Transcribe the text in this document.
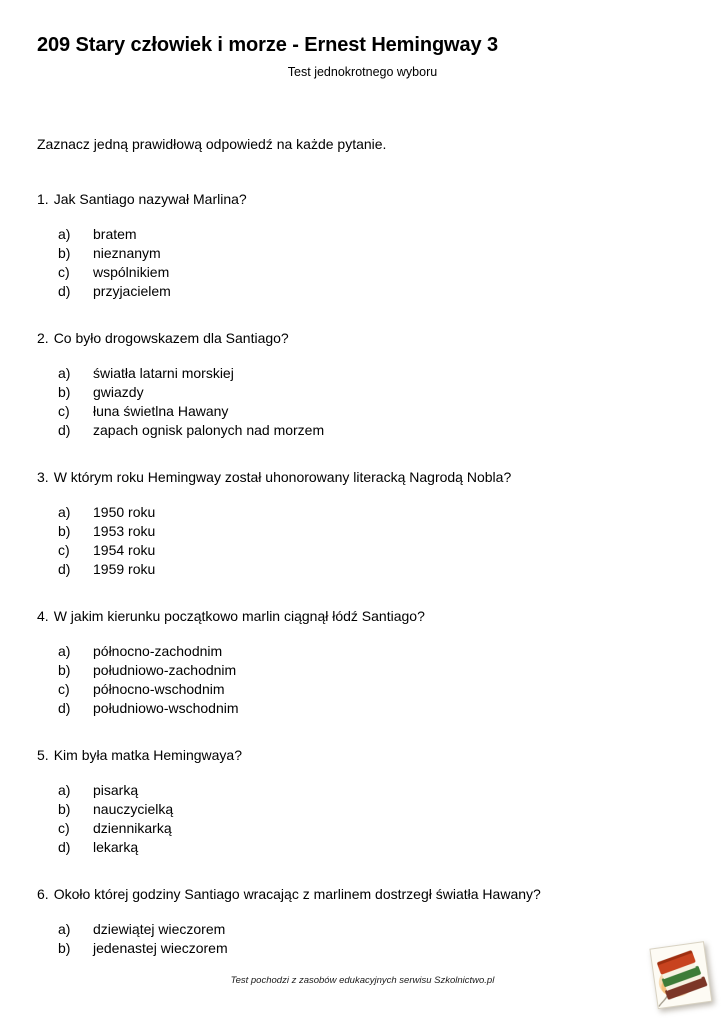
209 Stary człowiek i morze - Ernest Hemingway 3

Test jednokrotnego wyboru

Zaznacz jedną prawidłową odpowiedź na każde pytanie.

1. Jak Santiago nazywał Marlina?

a)	bratem
b)	nieznanym
c)	wspólnikiem
d)	przyjacielem

2. Co było drogowskazem dla Santiago?

a)	światła latarni morskiej
b)	gwiazdy
c)	łuna świetlna Hawany
d)	zapach ognisk palonych nad morzem

3. W którym roku Hemingway został uhonorowany literacką Nagrodą Nobla?

a)	1950 roku
b)	1953 roku
c)	1954 roku
d)	1959 roku

4. W jakim kierunku początkowo marlin ciągnął łódź Santiago?

a)	północno-zachodnim
b)	południowo-zachodnim
c)	północno-wschodnim
d)	południowo-wschodnim

5. Kim była matka Hemingwaya?

a)	pisarką
b)	nauczycielką
c)	dziennikarką
d)	lekarką

6. Około której godziny Santiago wracając z marlinem dostrzegł światła Hawany?

a)	dziewiątej wieczorem
b)	jedenastej wieczorem

Test pochodzi z zasobów edukacyjnych serwisu Szkolnictwo.pl
